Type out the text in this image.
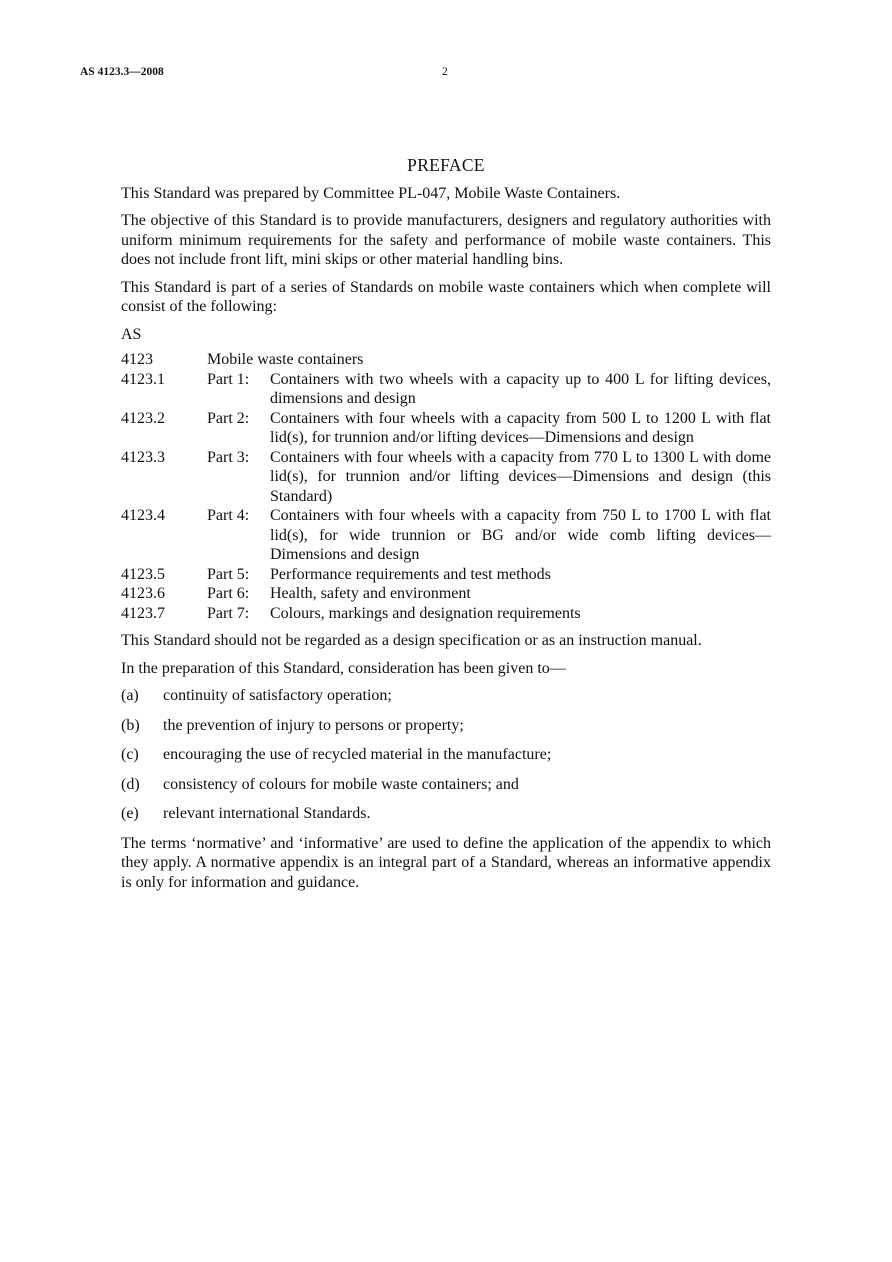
AS 4123.3—2008	2
PREFACE

This Standard was prepared by Committee PL-047, Mobile Waste Containers.

The objective of this Standard is to provide manufacturers, designers and regulatory authorities with uniform minimum requirements for the safety and performance of mobile waste containers. This does not include front lift, mini skips or other material handling bins.

This Standard is part of a series of Standards on mobile waste containers which when complete will consist of the following:

AS
4123	Mobile waste containers	
4123.1	Part 1:	Containers with two wheels with a capacity up to 400 L for lifting devices, dimensions and design
4123.2	Part 2:	Containers with four wheels with a capacity from 500 L to 1200 L with flat lid(s), for trunnion and/or lifting devices—Dimensions and design
4123.3	Part 3:	Containers with four wheels with a capacity from 770 L to 1300 L with dome lid(s), for trunnion and/or lifting devices—Dimensions and design (this Standard)
4123.4	Part 4:	Containers with four wheels with a capacity from 750 L to 1700 L with flat lid(s), for wide trunnion or BG and/or wide comb lifting devices—Dimensions and design
4123.5	Part 5:	Performance requirements and test methods
4123.6	Part 6:	Health, safety and environment
4123.7	Part 7:	Colours, markings and designation requirements

This Standard should not be regarded as a design specification or as an instruction manual.

In the preparation of this Standard, consideration has been given to—

(a)	continuity of satisfactory operation;
(b)	the prevention of injury to persons or property;
(c)	encouraging the use of recycled material in the manufacture;
(d)	consistency of colours for mobile waste containers; and
(e)	relevant international Standards.

The terms ‘normative’ and ‘informative’ are used to define the application of the appendix to which they apply. A normative appendix is an integral part of a Standard, whereas an informative appendix is only for information and guidance.
